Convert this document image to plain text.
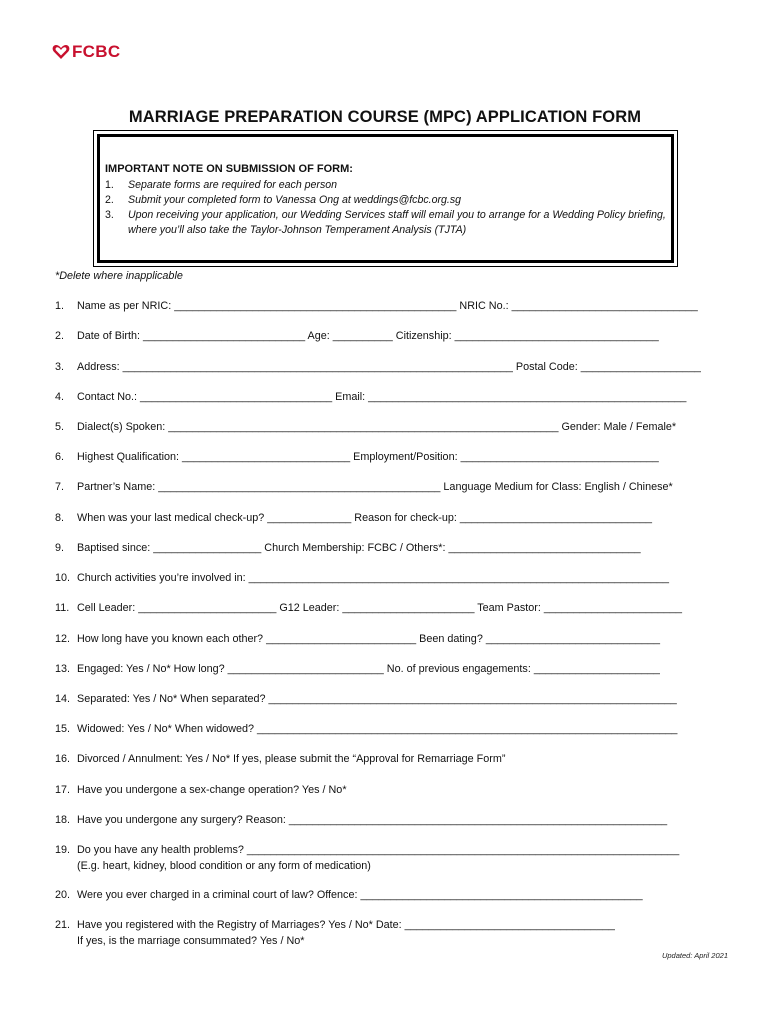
FCBC
MARRIAGE PREPARATION COURSE (MPC) APPLICATION FORM
IMPORTANT NOTE ON SUBMISSION OF FORM:
1.	Separate forms are required for each person
2.	Submit your completed form to Vanessa Ong at weddings@fcbc.org.sg
3.	Upon receiving your application, our Wedding Services staff will email you to arrange for a Wedding Policy briefing, where you’ll also take the Taylor-Johnson Temperament Analysis (TJTA)
*Delete where inapplicable
1. Name as per NRIC: _______________________________________________ NRIC No.: _______________________________
2. Date of Birth: ___________________________ Age: __________ Citizenship: __________________________________
3. Address: _________________________________________________________________ Postal Code: ____________________
4. Contact No.: ________________________________ Email: _____________________________________________________
5. Dialect(s) Spoken: _________________________________________________________________ Gender: Male / Female*
6. Highest Qualification: ____________________________ Employment/Position: _________________________________
7. Partner’s Name: _______________________________________________ Language Medium for Class: English / Chinese*
8. When was your last medical check-up? ______________ Reason for check-up: ________________________________
9. Baptised since: __________________ Church Membership: FCBC / Others*: ________________________________
10. Church activities you’re involved in: ______________________________________________________________________
11. Cell Leader: _______________________ G12 Leader: ______________________ Team Pastor: _______________________
12. How long have you known each other? _________________________ Been dating? _____________________________
13. Engaged: Yes / No* How long? __________________________ No. of previous engagements: _____________________
14. Separated: Yes / No* When separated? ____________________________________________________________________
15. Widowed: Yes / No* When widowed? ______________________________________________________________________
16. Divorced / Annulment: Yes / No* If yes, please submit the “Approval for Remarriage Form”
17. Have you undergone a sex-change operation? Yes / No*
18. Have you undergone any surgery? Reason: _______________________________________________________________
19. Do you have any health problems? ________________________________________________________________________
(E.g. heart, kidney, blood condition or any form of medication)
20. Were you ever charged in a criminal court of law? Offence: _______________________________________________
21. Have you registered with the Registry of Marriages? Yes / No* Date: ___________________________________
If yes, is the marriage consummated? Yes / No*
Updated: April 2021
